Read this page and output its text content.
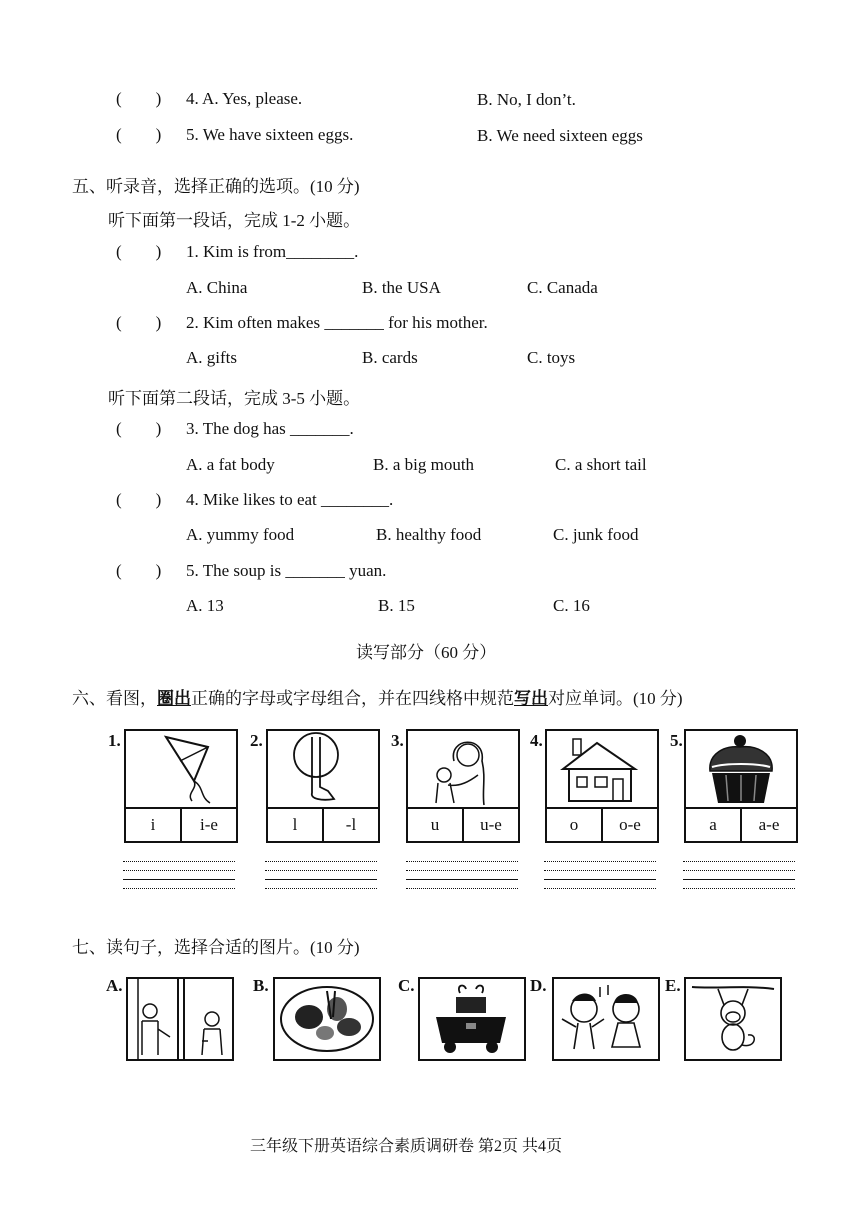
(        ) 4. A. Yes, please.	B. No, I don’t.
(        ) 5. We have sixteen eggs.	B. We need sixteen eggs
五、听录音，选择正确的选项。(10 分)
听下面第一段话，完成 1-2 小题。
(        ) 1. Kim is from________.
A. China	B. the USA	C. Canada
(        ) 2. Kim often makes _______ for his mother.
A. gifts	B. cards	C. toys
听下面第二段话，完成 3-5 小题。
(        ) 3. The dog has _______.
A. a fat body	B. a big mouth	C. a short tail
(        ) 4. Mike likes to eat ________.
A. yummy food	B. healthy food	C. junk food
(        ) 5. The soup is _______ yuan.
A. 13	B. 15	C. 16
读写部分（60 分）
六、看图，圈出正确的字母或字母组合，并在四线格中规范写出对应单词。(10 分)
1.
i	i-e
2.
l	-l
3.
u	u-e
4.
o	o-e
5.
a	a-e
七、读句子，选择合适的图片。(10 分)
A.	B.	C.	D.	E.
三年级下册英语综合素质调研卷 第2页 共4页
